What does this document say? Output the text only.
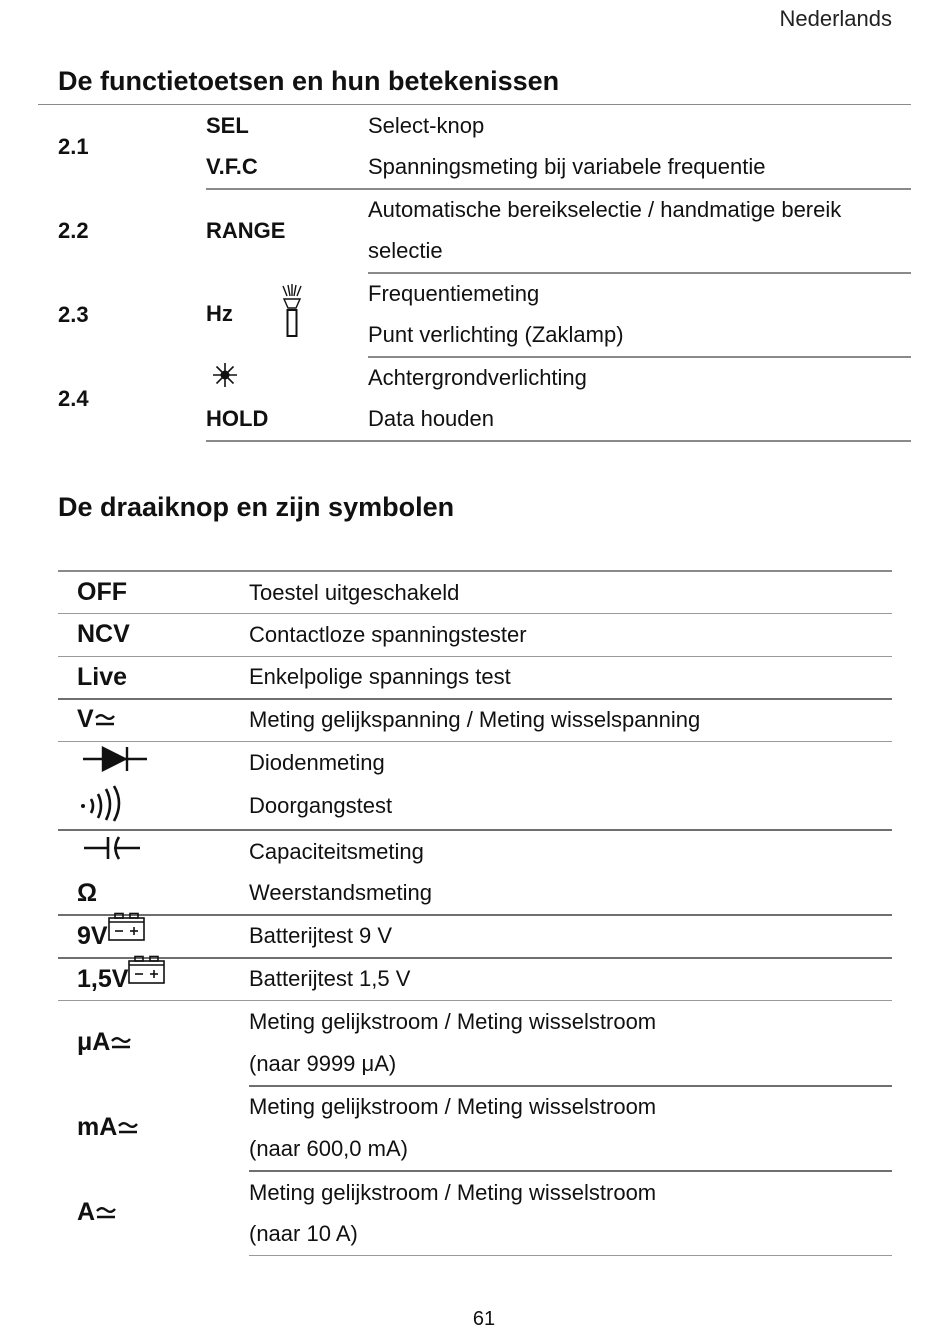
Nederlands
De functietoetsen en hun betekenissen
2.1	SEL	Select-knop
	V.F.C	Spanningsmeting bij variabele frequentie
2.2	RANGE	Automatische bereikselectie / handmatige bereik
		selectie
2.3	Hz	Frequentiemeting
		Punt verlichting (Zaklamp)
2.4		Achtergrondverlichting
	HOLD	Data houden
De draaiknop en zijn symbolen
OFF	Toestel uitgeschakeld
NCV	Contactloze spanningstester
Live	Enkelpolige spannings test
V	Meting gelijkspanning / Meting wisselspanning
	Diodenmeting
	Doorgangstest
	Capaciteitsmeting
Ω	Weerstandsmeting
9V	Batterijtest 9 V
1,5V	Batterijtest 1,5 V
μA	Meting gelijkstroom / Meting wisselstroom
	(naar 9999 μA)
mA	Meting gelijkstroom / Meting wisselstroom
	(naar 600,0 mA)
A	Meting gelijkstroom / Meting wisselstroom
	(naar 10 A)
61
